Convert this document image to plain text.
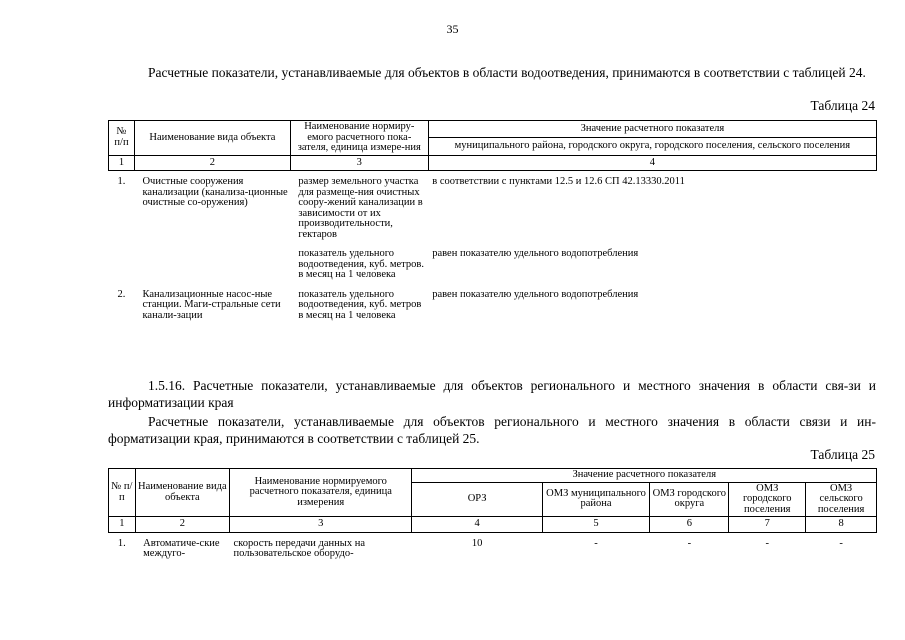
35

Расчетные показатели, устанавливаемые для объектов в области водоотведения, принимаются в соответствии с таблицей 24.

Таблица 24
№ п/п	Наименование вида объекта	Наименование нормиру-емого расчетного пока-зателя, единица измере-ния	Значение расчетного показателя
			муниципального района, городского округа, городского поселения, сельского поселения
1	2	3	4
1.	Очистные сооружения канализации (канализа-ционные очистные со-оружения)	размер земельного участка для размеще-ния очистных соору-жений канализации в зависимости от их производительности, гектаров	в соответствии с пунктами 12.5 и 12.6 СП 42.13330.2011
		показатель удельного водоотведения, куб. метров. в месяц на 1 человека	равен показателю удельного водопотребления
2.	Канализационные насос-ные станции. Маги-стральные сети канали-зации	показатель удельного водоотведения, куб. метров в месяц на 1 человека	равен показателю удельного водопотребления

1.5.16. Расчетные показатели, устанавливаемые для объектов регионального и местного значения в области свя-зи и информатизации края

Расчетные показатели, устанавливаемые для объектов регионального и местного значения в области связи и ин-форматизации края, принимаются в соответствии с таблицей 25.

Таблица 25
№ п/п	Наименование вида объекта	Наименование нормируемого расчетного показателя, единица измерения	Значение расчетного показателя				
			ОРЗ	ОМЗ муниципального района	ОМЗ городского округа	ОМЗ городского поселения	ОМЗ сельского поселения
1	2	3	4	5	6	7	8
1.	Автоматиче-ские междуго-	скорость передачи данных на пользовательское оборудо-	10	-	-	-	-
